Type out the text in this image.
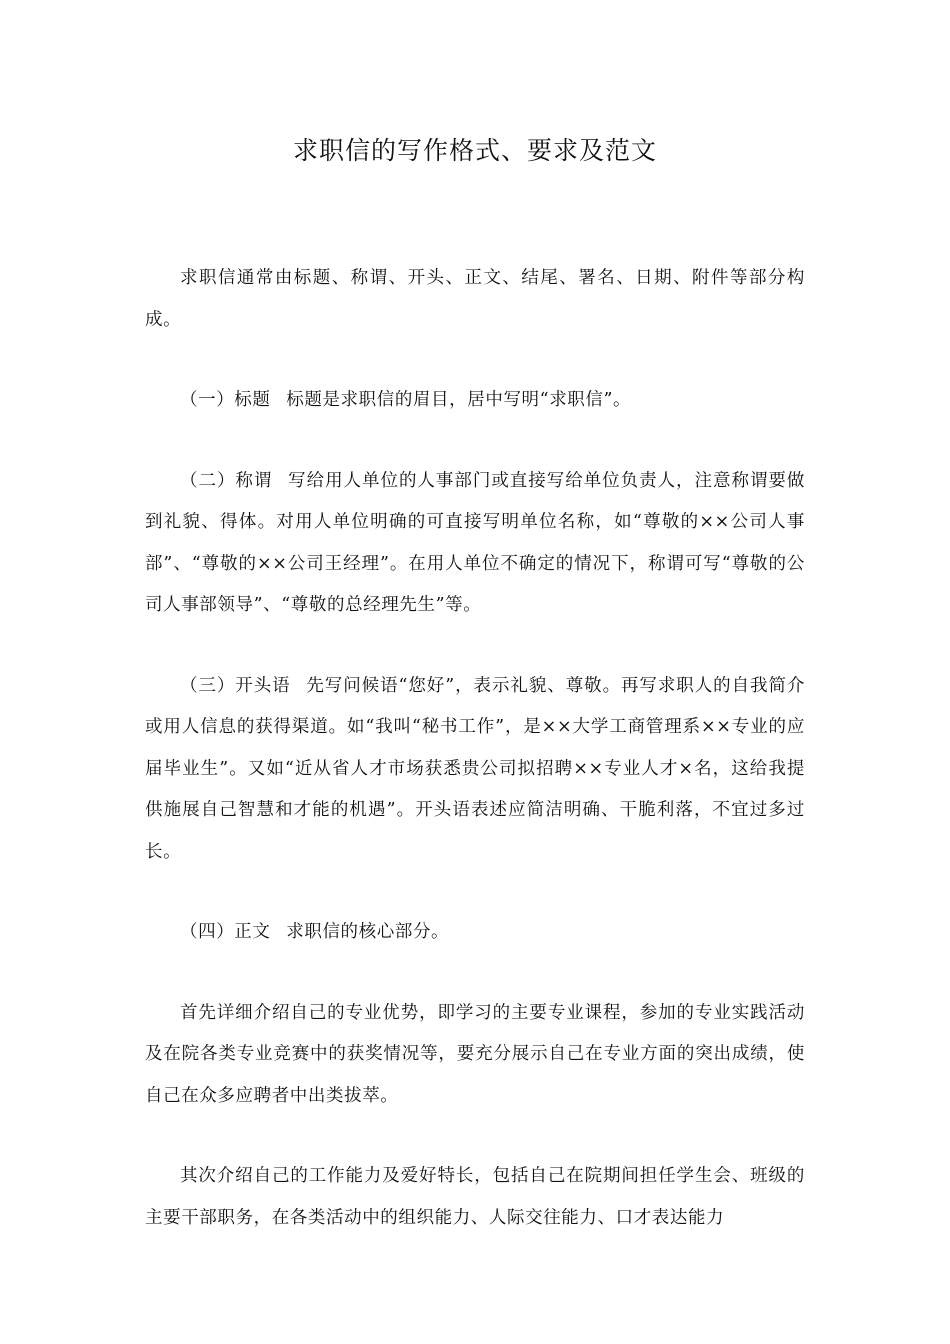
求职信的写作格式、要求及范文

求职信通常由标题、称谓、开头、正文、结尾、署名、日期、附件等部分构成。

（一）标题 标题是求职信的眉目，居中写明“求职信”。

（二）称谓 写给用人单位的人事部门或直接写给单位负责人，注意称谓要做到礼貌、得体。对用人单位明确的可直接写明单位名称，如“尊敬的××公司人事部”、“尊敬的××公司王经理”。在用人单位不确定的情况下，称谓可写“尊敬的公司人事部领导”、“尊敬的总经理先生”等。

（三）开头语 先写问候语“您好”，表示礼貌、尊敬。再写求职人的自我简介或用人信息的获得渠道。如“我叫“秘书工作”，是××大学工商管理系××专业的应届毕业生”。又如“近从省人才市场获悉贵公司拟招聘××专业人才×名，这给我提供施展自己智慧和才能的机遇”。开头语表述应简洁明确、干脆利落，不宜过多过长。

（四）正文 求职信的核心部分。

首先详细介绍自己的专业优势，即学习的主要专业课程，参加的专业实践活动及在院各类专业竞赛中的获奖情况等，要充分展示自己在专业方面的突出成绩，使自己在众多应聘者中出类拔萃。

其次介绍自己的工作能力及爱好特长，包括自己在院期间担任学生会、班级的主要干部职务，在各类活动中的组织能力、人际交往能力、口才表达能力
